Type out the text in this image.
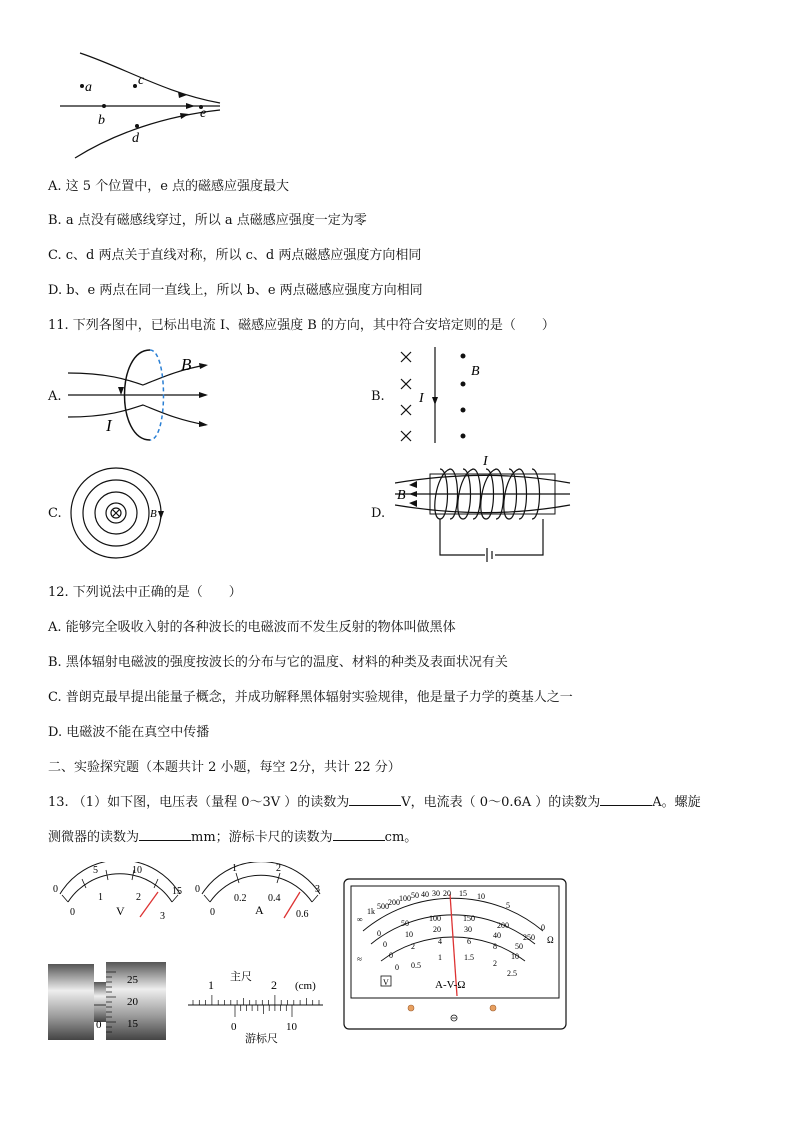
a
b
c
d
e
A. 这 5 个位置中，e 点的磁感应强度最大
B. a 点没有磁感线穿过，所以 a 点磁感应强度一定为零
C. c、d 两点关于直线对称，所以 c、d 两点磁感应强度方向相同
D. b、e 两点在同一直线上，所以 b、e 两点磁感应强度方向相同
11. 下列各图中，已标出电流 I、磁感应强度 B 的方向，其中符合安培定则的是（　　）
A.
I
B
B. I
B
C.	B	D.
I
B
12. 下列说法中正确的是（　　）
A. 能够完全吸收入射的各种波长的电磁波而不发生反射的物体叫做黑体
B. 黑体辐射电磁波的强度按波长的分布与它的温度、材料的种类及表面状况有关
C. 普朗克最早提出能量子概念，并成功解释黑体辐射实验规律，他是量子力学的奠基人之一
D. 电磁波不能在真空中传播
二、实验探究题（本题共计 2 小题，每空 2分，共计 22 分）
13. （1）如下图，电压表（量程 0～3V ）的读数为	V，电流表（ 0～0.6A ）的读数为	A。螺旋
测微器的读数为	mm；游标卡尺的读数为	cm。
0
5	10
15
0
1	2
3
V
0
1	2
3
0
0.2 0.4
0.6
A
∞
1k
500 200 100 50 40 30 20 15 10
5
0
Ω
0
50
100	150
200
250
0
10
20	30
40
50
0
2
4	6
8
10
0 0.5
1	1.5
2
2.5
≈
V	A-V-Ω
25
20
15
0
主尺
1	2 (cm)
0	10
游标尺
